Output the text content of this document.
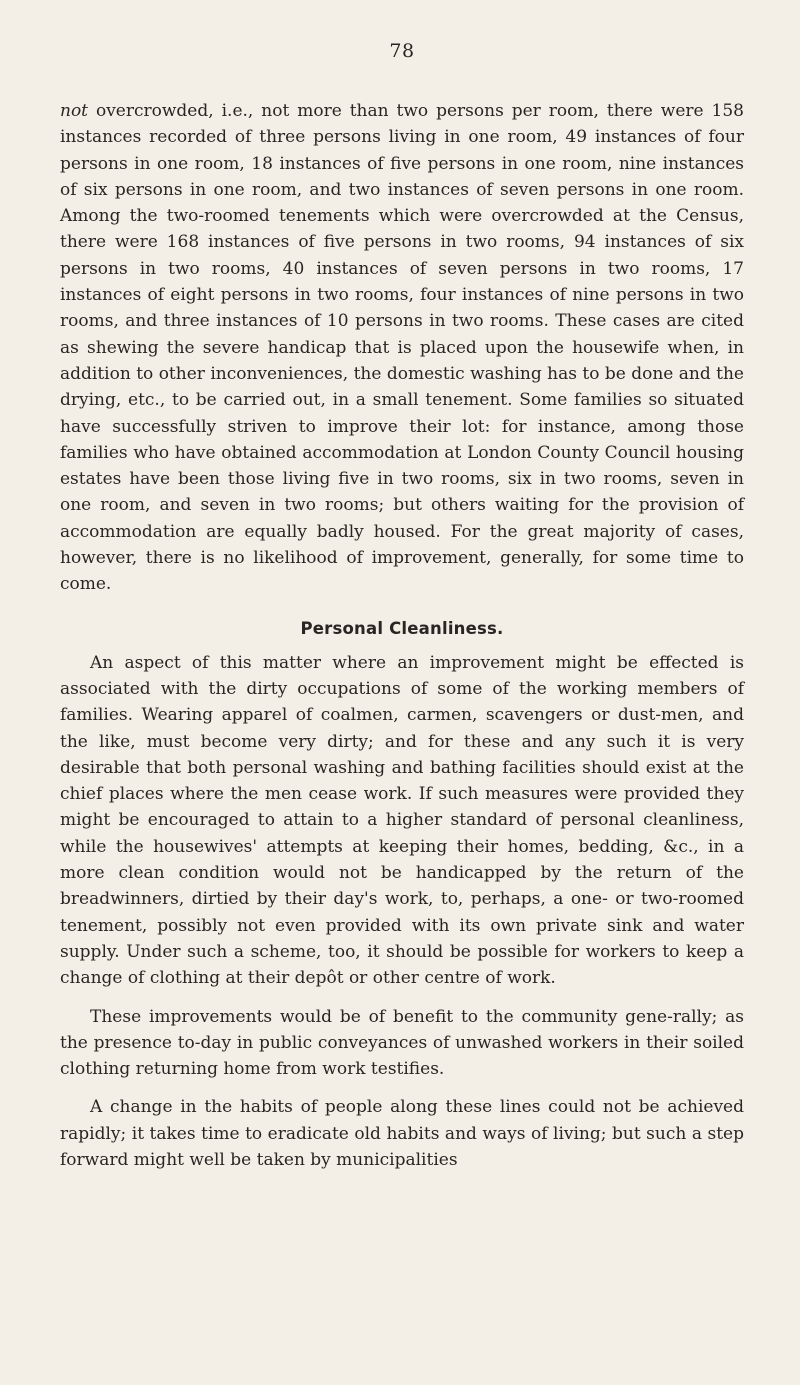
78

not overcrowded, i.e., not more than two persons per room, there were 158 instances recorded of three persons living in one room, 49 instances of four persons in one room, 18 instances of five persons in one room, nine instances of six persons in one room, and two instances of seven persons in one room. Among the two-roomed tenements which were overcrowded at the Census, there were 168 instances of five persons in two rooms, 94 instances of six persons in two rooms, 40 instances of seven persons in two rooms, 17 instances of eight persons in two rooms, four instances of nine persons in two rooms, and three instances of 10 persons in two rooms. These cases are cited as shewing the severe handicap that is placed upon the housewife when, in addition to other inconveniences, the domestic washing has to be done and the drying, etc., to be carried out, in a small tenement. Some families so situated have successfully striven to improve their lot: for instance, among those families who have obtained accommodation at London County Council housing estates have been those living five in two rooms, six in two rooms, seven in one room, and seven in two rooms; but others waiting for the provision of accommodation are equally badly housed. For the great majority of cases, however, there is no likelihood of improvement, generally, for some time to come.

Personal Cleanliness.

An aspect of this matter where an improvement might be effected is associated with the dirty occupations of some of the working members of families. Wearing apparel of coalmen, carmen, scavengers or dust-men, and the like, must become very dirty; and for these and any such it is very desirable that both personal washing and bathing facilities should exist at the chief places where the men cease work. If such measures were provided they might be encouraged to attain to a higher standard of personal cleanliness, while the housewives' attempts at keeping their homes, bedding, &c., in a more clean condition would not be handicapped by the return of the breadwinners, dirtied by their day's work, to, perhaps, a one- or two-roomed tenement, possibly not even provided with its own private sink and water supply. Under such a scheme, too, it should be possible for workers to keep a change of clothing at their depôt or other centre of work.

These improvements would be of benefit to the community gene-rally; as the presence to-day in public conveyances of unwashed workers in their soiled clothing returning home from work testifies.

A change in the habits of people along these lines could not be achieved rapidly; it takes time to eradicate old habits and ways of living; but such a step forward might well be taken by municipalities
